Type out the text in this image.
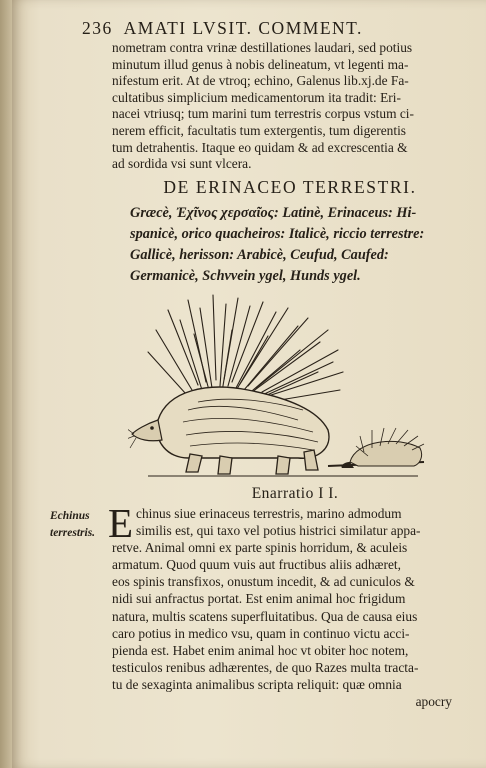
236 AMATI LVSIT. COMMENT.
nometram contra vrinæ destillationes laudari, sed potius
minutum illud genus à nobis delineatum, vt legenti ma-
nifestum erit. At de vtroq; echino, Galenus lib.xj.de Fa-
cultatibus simplicium medicamentorum ita tradit: Eri-
nacei vtriusq; tum marini tum terrestris corpus vstum ci-
nerem efficit, facultatis tum extergentis, tum digerentis
tum detrahentis. Itaque eo quidam & ad excrescentia &
ad sordida vsi sunt vlcera.
DE ERINACEO TERRESTRI.
Græcè, Ἐχῖνος χερσαῖος: Latinè, Erinaceus: Hi-
spanicè, orico quacheiros: Italicè, riccio terrestre:
Gallicè, herisson: Arabicè, Ceufud, Caufed:
Germanicè, Schvvein ygel, Hunds ygel.
Enarratio I I.
Echinus
terrestris. E chinus siue erinaceus terrestris, marino admodum
similis est, qui taxo vel potius histrici similatur appa-
retve. Animal omni ex parte spinis horridum, & aculeis
armatum. Quod quum vuis aut fructibus aliis adhæret,
eos spinis transfixos, onustum incedit, & ad cuniculos &
nidi sui anfractus portat. Est enim animal hoc frigidum
natura, multis scatens superfluitatibus. Qua de causa eius
caro potius in medico vsu, quam in continuo victu acci-
pienda est. Habet enim animal hoc vt obiter hoc notem,
testiculos renibus adhærentes, de quo Razes multa tracta-
tu de sexaginta animalibus scripta reliquit: quæ omnia
apocry
